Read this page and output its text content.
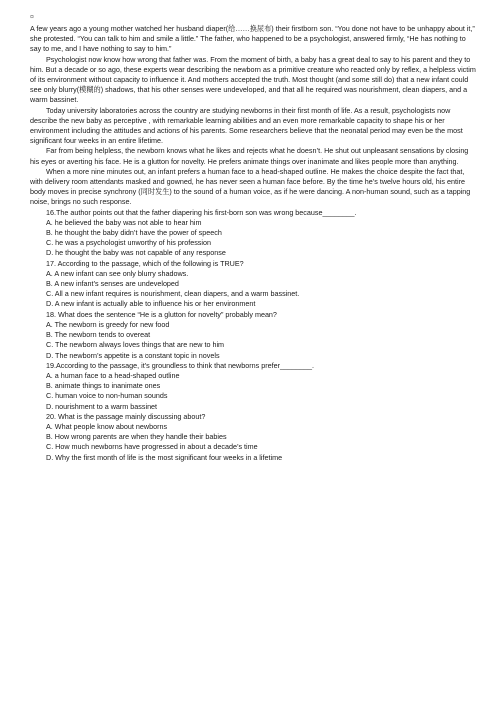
¤

A few years ago a young mother watched her husband diaper(给……换尿布) their firstborn son. “You done not have to be unhappy about it,” she protested. “You can talk to him and smile a little.” The father, who happened to be a psychologist, answered firmly, “He has nothing to say to me, and I have nothing to say to him.”

Psychologist now know how wrong that father was. From the moment of birth, a baby has a great deal to say to his parent and they to him. But a decade or so ago, these experts wear describing the newborn as a primitive creature who reacted only by reflex, a helpless victim of its environment without capacity to influence it. And mothers accepted the truth. Most thought (and some still do) that a new infant could see only blurry(模糊的) shadows, that his other senses were undeveloped, and that all he required was nourishment, clean diapers, and a warm bassinet.

Today university laboratories across the country are studying newborns in their first month of life. As a result, psychologists now describe the new baby as perceptive , with remarkable learning abilities and an even more remarkable capacity to shape his or her environment including the attitudes and actions of his parents. Some researchers believe that the neonatal period may even be the most significant four weeks in an entire lifetime.

Far from being helpless, the newborn knows what he likes and rejects what he doesn’t. He shut out unpleasant sensations by closing his eyes or averting his face. He is a glutton for novelty. He prefers animate things over inanimate and likes people more than anything.

When a more nine minutes out, an infant prefers a human face to a head-shaped outline. He makes the choice despite the fact that, with delivery room attendants masked and gowned, he has never seen a human face before. By the time he’s twelve hours old, his entire body moves in precise synchrony (同时发生) to the sound of a human voice, as if he were dancing. A non-human sound, such as a tapping noise, brings no such response.

16.The author points out that the father diapering his first-born son was wrong because________.

A. he believed the baby was not able to hear him

B. he thought the baby didn’t have the power of speech

C. he was a psychologist unworthy of his profession

D. he thought the baby was not capable of any response

17. According to the passage, which of the following is TRUE?

A. A new infant can see only blurry shadows.

B. A new infant’s senses are undeveloped

C. All a new infant requires is nourishment, clean diapers, and a warm bassinet.

D. A new infant is actually able to influence his or her environment

18. What does the sentence “He is a glutton for novelty” probably mean?

A. The newborn is greedy for new food

B. The newborn tends to overeat

C. The newborn always loves things that are new to him

D. The newborn’s appetite is a constant topic in novels

19.According to the passage, it’s groundless to think that newborns prefer________.

A. a human face to a head-shaped outline

B. animate things to inanimate ones

C. human voice to non-human sounds

D. nourishment to a warm bassinet

20. What is the passage mainly discussing about?

A. What people know about newborns

B. How wrong parents are when they handle their babies

C. How much newborns have progressed in about a decade’s time

D. Why the first month of life is the most significant four weeks in a lifetime
